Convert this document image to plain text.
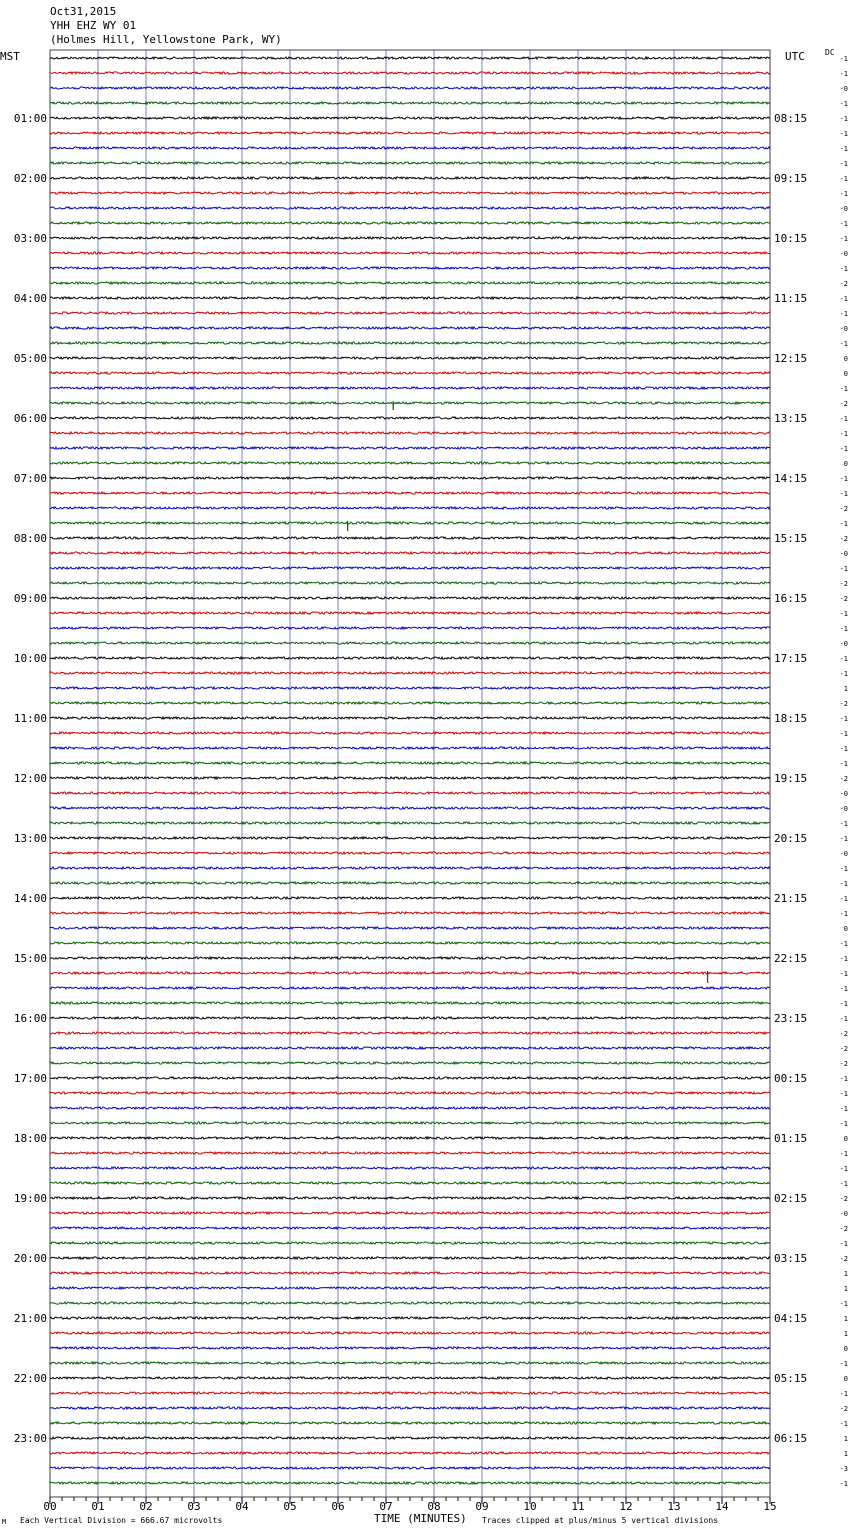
Oct31,2015
YHH EHZ WY 01
(Holmes Hill, Yellowstone Park, WY)
MST	UTC	DC
01:00
02:00
03:00
04:00
05:00
06:00
07:00
08:00
09:00
10:00
11:00
12:00
13:00
14:00
15:00
16:00
17:00
18:00
19:00
20:00
21:00
22:00
23:00
08:15
09:15
10:15
11:15
12:15
13:15
14:15
15:15
16:15
17:15
18:15
19:15
20:15
21:15
22:15
23:15
00:15
01:15
02:15
03:15
04:15
05:15
06:15
-1
-1
-0
-1
-1
-1
-1
-1
-1
-1
-0
-1
-1
-0
-1
-2
-1
-1
-0
-1
0
0
-1
-2
-1
-1
-1
0
-1
-1
-2
-1
-2
-0
-1
-2
-2
-1
-1
-0
-1
-1
1
-2
-1
-1
-1
-1
-2
-0
-0
-1
-1
-0
-1
-1
-1
-1
0
-1
-1
-1
-1
-1
-1
-2
-2
-2
-1
-1
-1
-1
0
-1
-1
-1
-2
-0
-2
-1
-2
1
1
-1
1
1
0
-1
0
-1
-2
-1
1
1
-3
-1
00	01	02	03	04	05	06	07	08	09	10	11	12	13	14	15
TIME (MINUTES)
M Each Vertical Division = 666.67 microvolts	Traces clipped at plus/minus 5 vertical divisions
